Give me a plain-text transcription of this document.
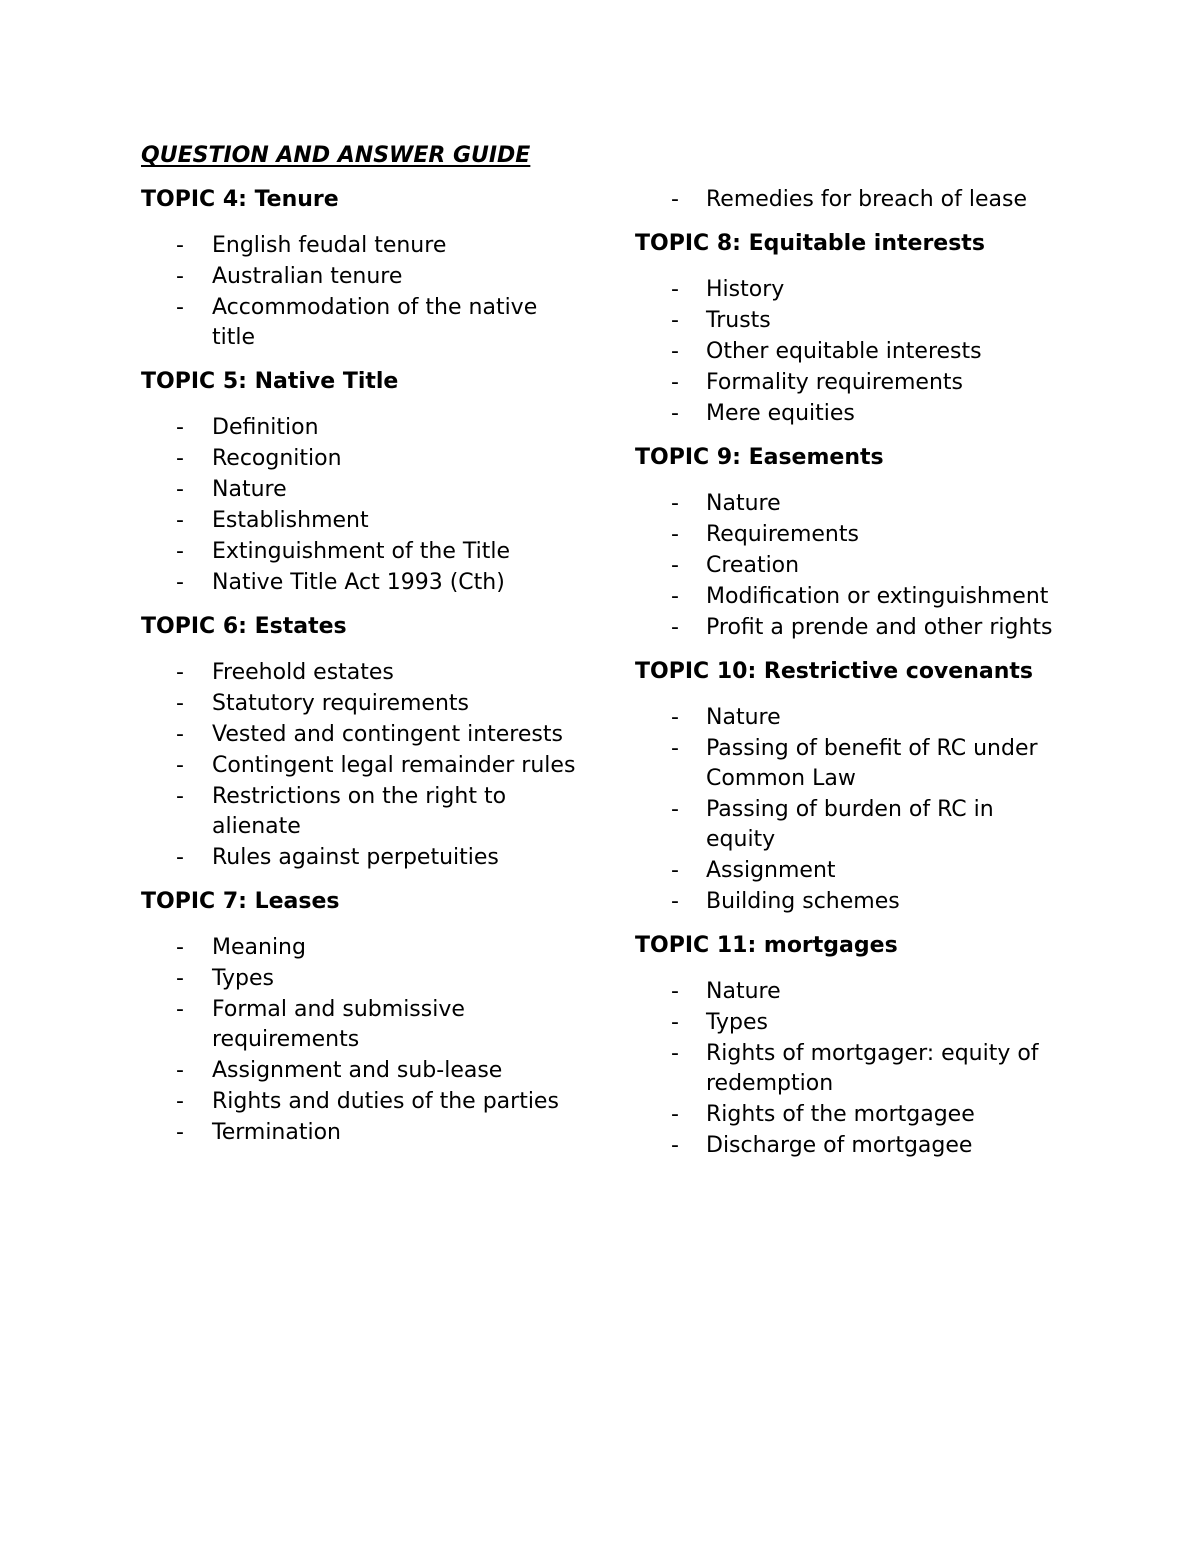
QUESTION AND ANSWER GUIDE
TOPIC 4: Tenure
- English feudal tenure
- Australian tenure
- Accommodation of the native title
TOPIC 5: Native Title
- Definition
- Recognition
- Nature
- Establishment
- Extinguishment of the Title
- Native Title Act 1993 (Cth)
TOPIC 6: Estates
- Freehold estates
- Statutory requirements
- Vested and contingent interests
- Contingent legal remainder rules
- Restrictions on the right to alienate
- Rules against perpetuities
TOPIC 7: Leases
- Meaning
- Types
- Formal and submissive requirements
- Assignment and sub-lease
- Rights and duties of the parties
- Termination
- Remedies for breach of lease
TOPIC 8: Equitable interests
- History
- Trusts
- Other equitable interests
- Formality requirements
- Mere equities
TOPIC 9: Easements
- Nature
- Requirements
- Creation
- Modification or extinguishment
- Profit a prende and other rights
TOPIC 10: Restrictive covenants
- Nature
- Passing of benefit of RC under Common Law
- Passing of burden of RC in equity
- Assignment
- Building schemes
TOPIC 11: mortgages
- Nature
- Types
- Rights of mortgager: equity of redemption
- Rights of the mortgagee
- Discharge of mortgagee
